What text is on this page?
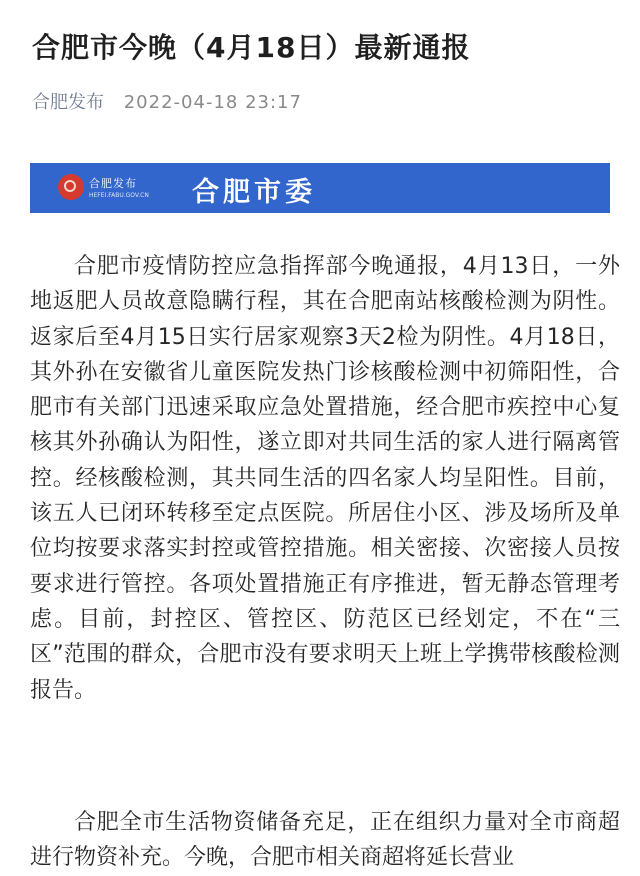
合肥市今晚（4月18日）最新通报
合肥发布 2022-04-18 23:17
合肥发布
HEFEI.FABU.GOV.CN 合肥市委

合肥市疫情防控应急指挥部今晚通报，4月13日，一外地返肥人员故意隐瞒行程，其在合肥南站核酸检测为阴性。返家后至4月15日实行居家观察3天2检为阴性。4月18日，其外孙在安徽省儿童医院发热门诊核酸检测中初筛阳性，合肥市有关部门迅速采取应急处置措施，经合肥市疾控中心复核其外孙确认为阳性，遂立即对共同生活的家人进行隔离管控。经核酸检测，其共同生活的四名家人均呈阳性。目前，该五人已闭环转移至定点医院。所居住小区、涉及场所及单位均按要求落实封控或管控措施。相关密接、次密接人员按要求进行管控。各项处置措施正有序推进，暂无静态管理考虑。目前，封控区、管控区、防范区已经划定，不在“三区”范围的群众，合肥市没有要求明天上班上学携带核酸检测报告。

合肥全市生活物资储备充足，正在组织力量对全市商超进行物资补充。今晚，合肥市相关商超将延长营业
